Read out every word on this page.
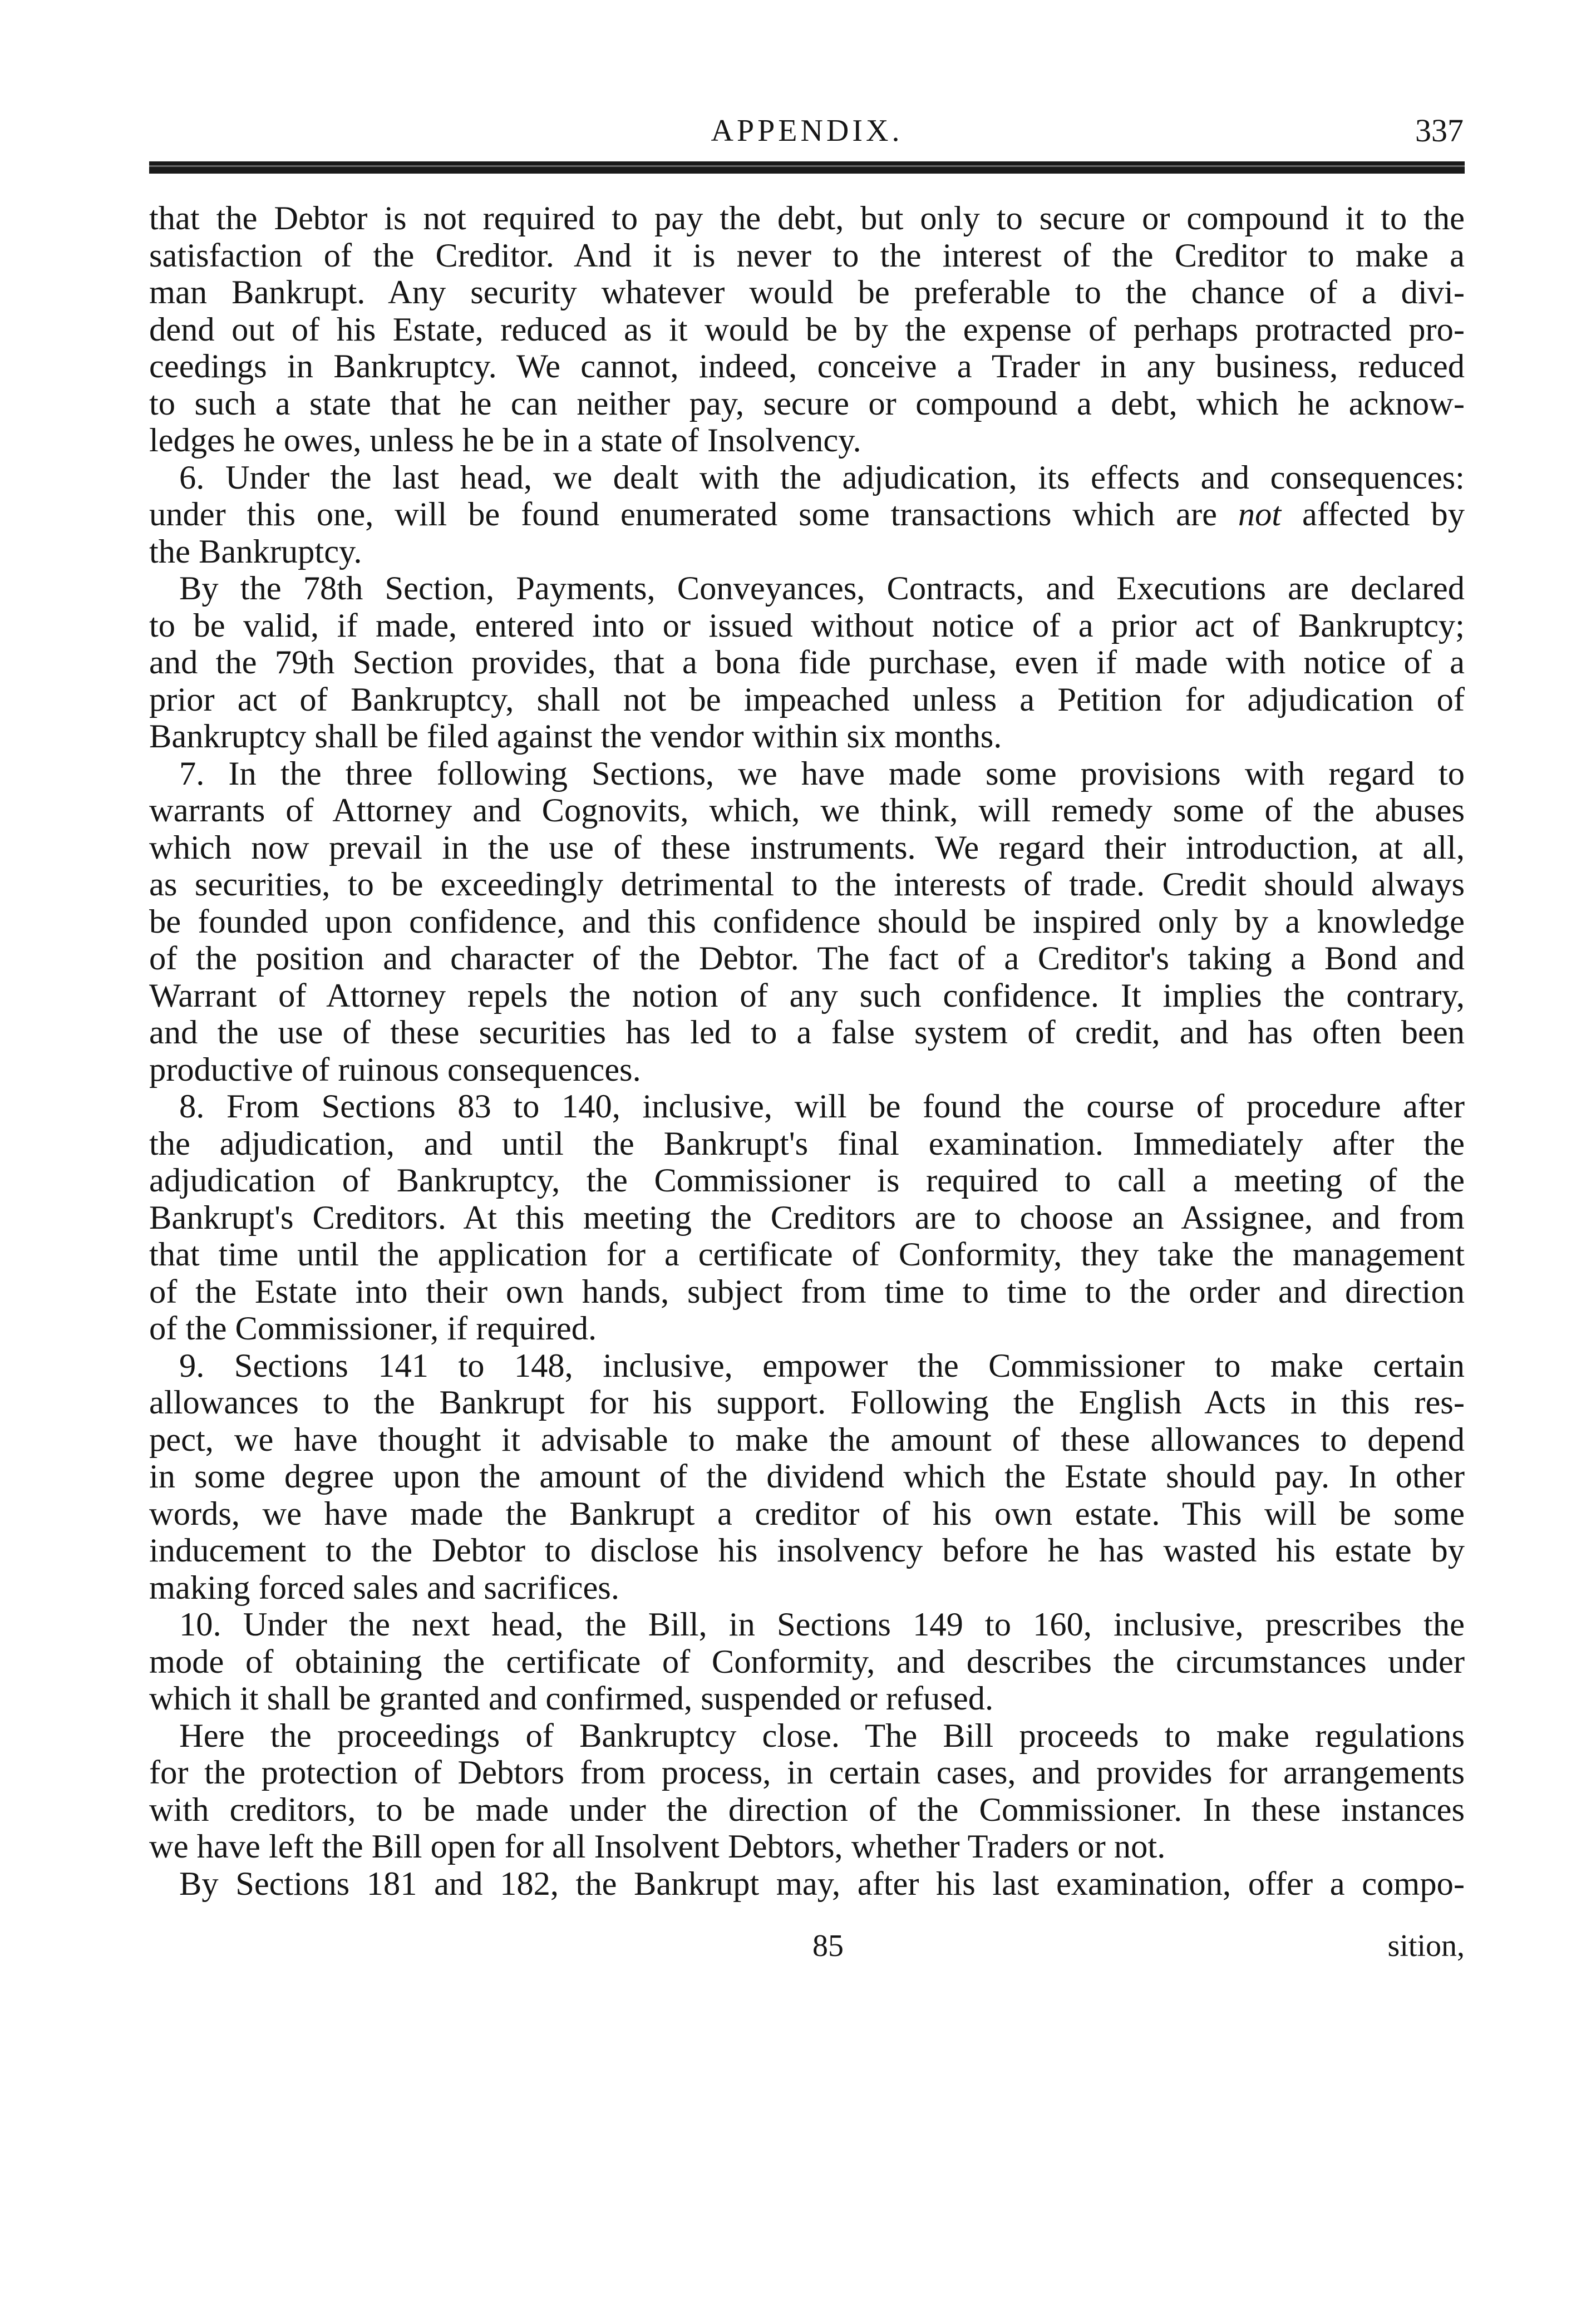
APPENDIX.	337
that the Debtor is not required to pay the debt, but only to secure or compound it to the
satisfaction of the Creditor. And it is never to the interest of the Creditor to make a
man Bankrupt. Any security whatever would be preferable to the chance of a divi-
dend out of his Estate, reduced as it would be by the expense of perhaps protracted pro-
ceedings in Bankruptcy. We cannot, indeed, conceive a Trader in any business, reduced
to such a state that he can neither pay, secure or compound a debt, which he acknow-
ledges he owes, unless he be in a state of Insolvency.
6. Under the last head, we dealt with the adjudication, its effects and consequences:
under this one, will be found enumerated some transactions which are not affected by
the Bankruptcy.
By the 78th Section, Payments, Conveyances, Contracts, and Executions are declared
to be valid, if made, entered into or issued without notice of a prior act of Bankruptcy;
and the 79th Section provides, that a bona fide purchase, even if made with notice of a
prior act of Bankruptcy, shall not be impeached unless a Petition for adjudication of
Bankruptcy shall be filed against the vendor within six months.
7. In the three following Sections, we have made some provisions with regard to
warrants of Attorney and Cognovits, which, we think, will remedy some of the abuses
which now prevail in the use of these instruments. We regard their introduction, at all,
as securities, to be exceedingly detrimental to the interests of trade. Credit should always
be founded upon confidence, and this confidence should be inspired only by a knowledge
of the position and character of the Debtor. The fact of a Creditor's taking a Bond and
Warrant of Attorney repels the notion of any such confidence. It implies the contrary,
and the use of these securities has led to a false system of credit, and has often been
productive of ruinous consequences.
8. From Sections 83 to 140, inclusive, will be found the course of procedure after
the adjudication, and until the Bankrupt's final examination. Immediately after the
adjudication of Bankruptcy, the Commissioner is required to call a meeting of the
Bankrupt's Creditors. At this meeting the Creditors are to choose an Assignee, and from
that time until the application for a certificate of Conformity, they take the management
of the Estate into their own hands, subject from time to time to the order and direction
of the Commissioner, if required.
9. Sections 141 to 148, inclusive, empower the Commissioner to make certain
allowances to the Bankrupt for his support. Following the English Acts in this res-
pect, we have thought it advisable to make the amount of these allowances to depend
in some degree upon the amount of the dividend which the Estate should pay. In other
words, we have made the Bankrupt a creditor of his own estate. This will be some
inducement to the Debtor to disclose his insolvency before he has wasted his estate by
making forced sales and sacrifices.
10. Under the next head, the Bill, in Sections 149 to 160, inclusive, prescribes the
mode of obtaining the certificate of Conformity, and describes the circumstances under
which it shall be granted and confirmed, suspended or refused.
Here the proceedings of Bankruptcy close. The Bill proceeds to make regulations
for the protection of Debtors from process, in certain cases, and provides for arrangements
with creditors, to be made under the direction of the Commissioner. In these instances
we have left the Bill open for all Insolvent Debtors, whether Traders or not.
By Sections 181 and 182, the Bankrupt may, after his last examination, offer a compo-
85	sition,
